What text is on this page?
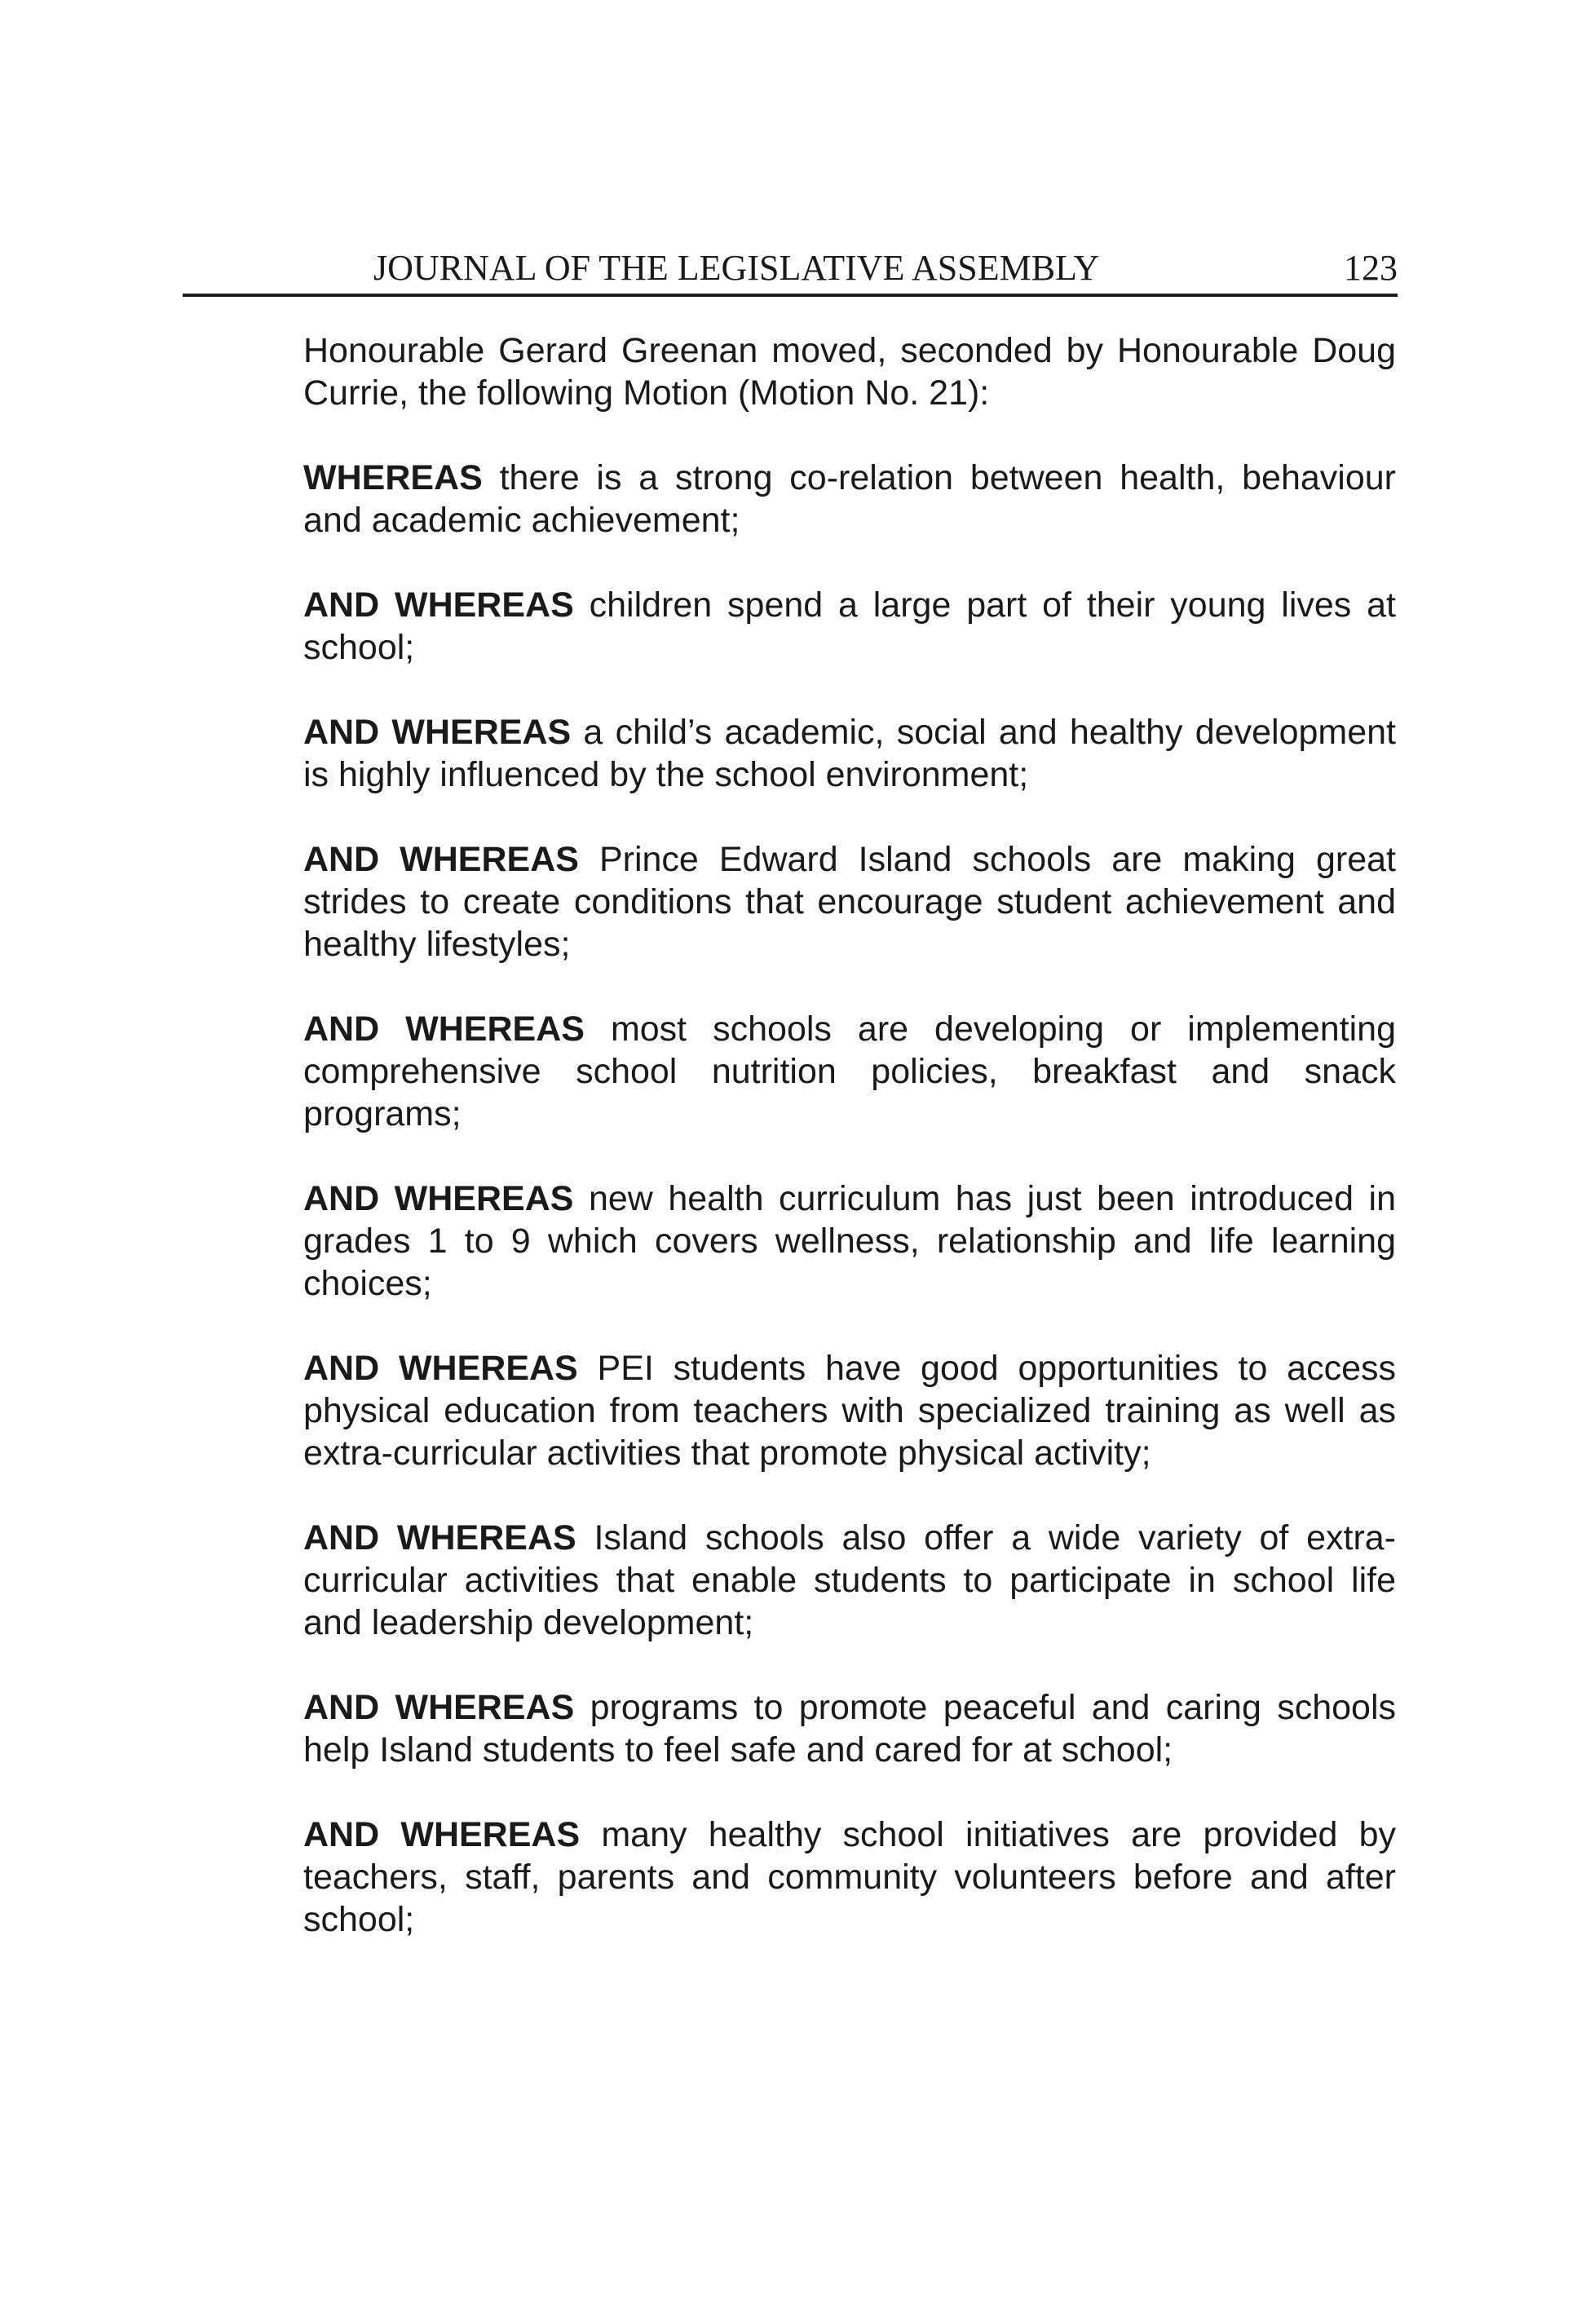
JOURNAL OF THE LEGISLATIVE ASSEMBLY	123

Honourable Gerard Greenan moved, seconded by Honourable Doug Currie, the following Motion (Motion No. 21):

WHEREAS there is a strong co-relation between health, behaviour and academic achievement;

AND WHEREAS children spend a large part of their young lives at school;

AND WHEREAS a child’s academic, social and healthy development is highly influenced by the school environment;

AND WHEREAS Prince Edward Island schools are making great strides to create conditions that encourage student achievement and healthy lifestyles;

AND WHEREAS most schools are developing or implementing comprehensive school nutrition policies, breakfast and snack programs;

AND WHEREAS new health curriculum has just been introduced in grades 1 to 9 which covers wellness, relationship and life learning choices;

AND WHEREAS PEI students have good opportunities to access physical education from teachers with specialized training as well as extra-curricular activities that promote physical activity;

AND WHEREAS Island schools also offer a wide variety of extra-curricular activities that enable students to participate in school life and leadership development;

AND WHEREAS programs to promote peaceful and caring schools help Island students to feel safe and cared for at school;

AND WHEREAS many healthy school initiatives are provided by teachers, staff, parents and community volunteers before and after school;
